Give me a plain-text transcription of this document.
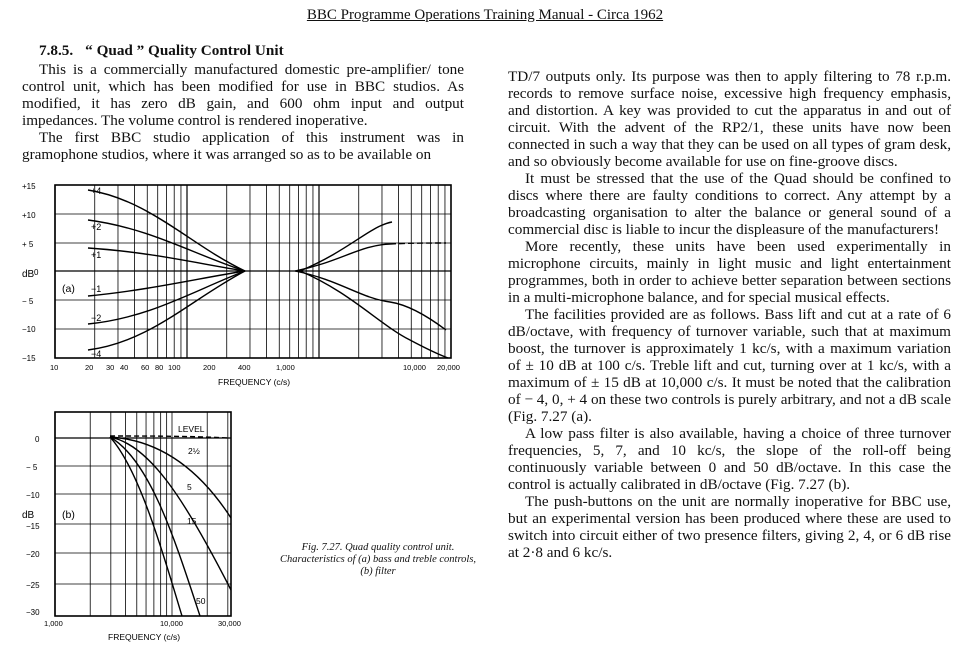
BBC Programme Operations Training Manual - Circa 1962

7.8.5. “ Quad ” Quality Control Unit

This is a commercially manufactured domestic pre-amplifier/ tone control unit, which has been modified for use in BBC studios. As modified, it has zero dB gain, and 600 ohm input and output impedances. The volume control is rendered inoperative.

The first BBC studio application of this instrument was in gramophone studios, where it was arranged so as to be available on

TD/7 outputs only. Its purpose was then to apply filtering to 78 r.p.m. records to remove surface noise, excessive high frequency emphasis, and distortion. A key was provided to cut the apparatus in and out of circuit. With the advent of the RP2/1, these units have now been connected in such a way that they can be used on all types of gram desk, and so obviously become available for use on fine-groove discs.

It must be stressed that the use of the Quad should be confined to discs where there are faulty conditions to correct. Any attempt by a broadcasting organisation to alter the balance or general sound of a commercial disc is liable to incur the displeasure of the manufacturers!

More recently, these units have been used experimentally in microphone circuits, mainly in light music and light entertainment programmes, both in order to achieve better separation between sections in a multi-microphone balance, and for special musical effects.

The facilities provided are as follows. Bass lift and cut at a rate of 6 dB/octave, with frequency of turnover variable, such that at maximum boost, the turnover is approximately 1 kc/s, with a maximum variation of ± 10 dB at 100 c/s. Treble lift and cut, turning over at 1 kc/s, with a maximum of ± 15 dB at 10,000 c/s. It must be noted that the calibration of − 4, 0, + 4 on these two controls is purely arbitrary, and not a dB scale (Fig. 7.27 (a).

A low pass filter is also available, having a choice of three turnover frequencies, 5, 7, and 10 kc/s, the slope of the roll-off being continuously variable between 0 and 50 dB/octave. In this case the control is actually calibrated in dB/octave (Fig. 7.27 (b).

The push-buttons on the unit are normally inoperative for BBC use, but an experimental version has been produced where these are used to switch into circuit either of two presence filters, giving 2, 4, or 6 dB rise at 2·8 and 6 kc/s.

dB
(a)
FREQUENCY (c/s)
+15
+10
+ 5
0
− 5
−10
−15
10	20 30 40 60 80 100	200	400	1,000	10,000 20,000
+4
+2
+1
−1
−2
−4
dB	(b)
FREQUENCY (c/s)
0
− 5
−10
−15
−20
−25
−30
1,000	10,000	30,000
LEVEL
2½
5
15
50
Fig. 7.27. Quad quality control unit. Characteristics of (a) bass and treble controls, (b) filter
